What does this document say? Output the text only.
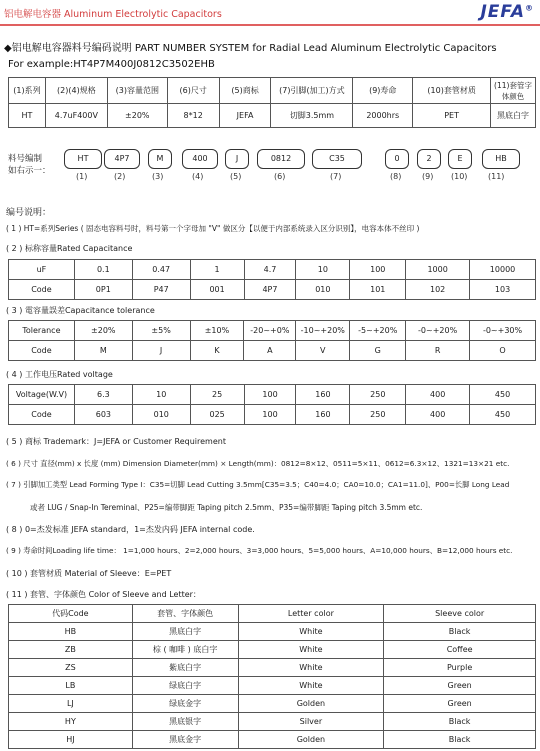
铝电解电容器 Aluminum Electrolytic Capacitors	JEFA®
◆铝电解电容器料号编码说明 PART NUMBER SYSTEM for Radial Lead Aluminum Electrolytic Capacitors
For example:HT4P7M400J0812C3502EHB
(1)系列	(2)(4)规格	(3)容量范围	(6)尺寸	(5)商标	(7)引脚(加工)方式	(9)寿命	(10)套管材质	(11)套管字体颜色
HT	4.7uF400V	±20%	8*12	JEFA	切脚3.5mm	2000hrs	PET	黑底白字
料号编制
如右示一：
HT	4P7	M	400	J	0812	C35	0	2	E	HB
(1)	(2)	(3)	(4)	(5)	(6)	(7)	(8)	(9) (10)	(11)
编号说明：
( 1 ) HT=系列Series ( 固态电容料号时，料号第一个字母加 "V" 做区分【以便于内部系统录入区分识别】，电容本体不丝印 )
( 2 ) 标称容量Rated Capacitance
uF	0.1	0.47	1	4.7	10	100	1000	10000
Code	0P1	P47	001	4P7	010	101	102	103
( 3 ) 電容量誤差Capacitance tolerance
Tolerance	±20%	±5%	±10%	-20~+0%	-10~+20%	-5~+20%	-0~+20%	-0~+30%
Code	M	J	K	A	V	G	R	O
( 4 ) 工作电压Rated voltage
Voltage(W.V)	6.3	10	25	100	160	250	400	450
Code	603	010	025	100	160	250	400	450
( 5 ) 商标 Trademark：J=JEFA or Customer Requirement
( 6 ) 尺寸 直径(mm) x 长度 (mm) Dimension Diameter(mm) × Length(mm)：0812=8×12、0511=5×11、0612=6.3×12、1321=13×21 etc.
( 7 ) 引脚加工类型 Lead Forming Type I：C35=切脚 Lead Cutting 3.5mm[C35=3.5；C40=4.0；CA0=10.0；CA1=11.0]、P00=长脚 Long Lead
或者 LUG / Snap-In Tereminal、P25=编带脚距 Taping pitch 2.5mm、P35=编带脚距 Taping pitch 3.5mm etc.
( 8 ) 0=杰发标准 JEFA standard，1=杰发内码 JEFA internal code.
( 9 ) 寿命时间Loading life time： 1=1,000 hours、2=2,000 hours、3=3,000 hours、5=5,000 hours、A=10,000 hours、B=12,000 hours etc.
( 10 ) 套管材质 Material of Sleeve：E=PET
( 11 ) 套管、字体颜色 Color of Sleeve and Letter：
代码Code	套管、字体颜色	Letter color	Sleeve color
HB	黑底白字	White	Black
ZB	棕 ( 咖啡 ) 底白字	White	Coffee
ZS	紫底白字	White	Purple
LB	绿底白字	White	Green
LJ	绿底金字	Golden	Green
HY	黑底银字	Silver	Black
HJ	黑底金字	Golden	Black
